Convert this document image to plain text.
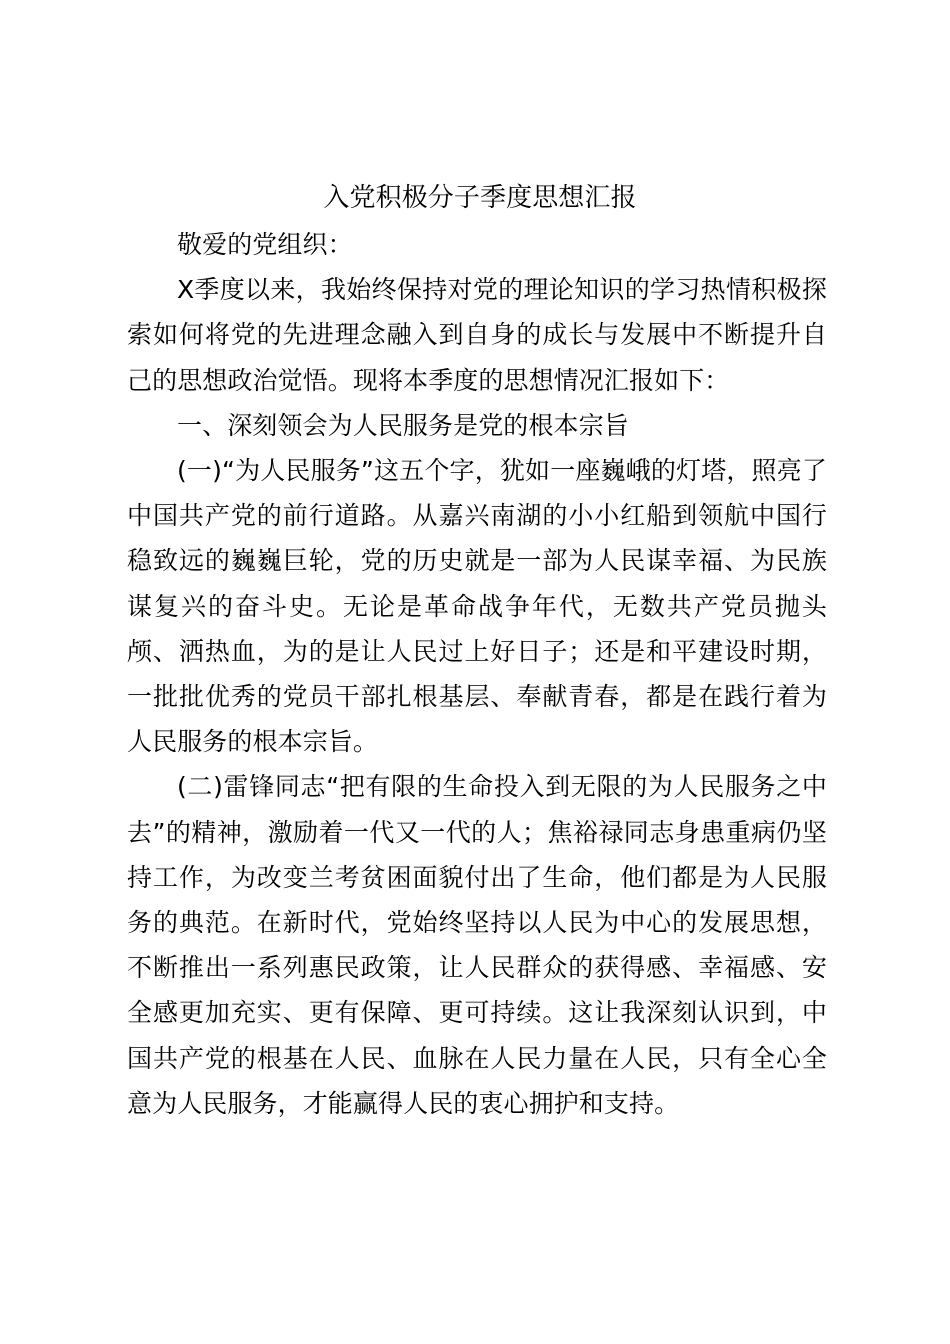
入党积极分子季度思想汇报

敬爱的党组织：

X季度以来，我始终保持对党的理论知识的学习热情积极探索如何将党的先进理念融入到自身的成长与发展中不断提升自己的思想政治觉悟。现将本季度的思想情况汇报如下：

一、深刻领会为人民服务是党的根本宗旨

(一)“为人民服务”这五个字，犹如一座巍峨的灯塔，照亮了中国共产党的前行道路。从嘉兴南湖的小小红船到领航中国行稳致远的巍巍巨轮，党的历史就是一部为人民谋幸福、为民族谋复兴的奋斗史。无论是革命战争年代，无数共产党员抛头颅、洒热血，为的是让人民过上好日子；还是和平建设时期，一批批优秀的党员干部扎根基层、奉献青春，都是在践行着为人民服务的根本宗旨。

(二)雷锋同志“把有限的生命投入到无限的为人民服务之中去”的精神，激励着一代又一代的人；焦裕禄同志身患重病仍坚持工作，为改变兰考贫困面貌付出了生命，他们都是为人民服务的典范。在新时代，党始终坚持以人民为中心的发展思想，不断推出一系列惠民政策，让人民群众的获得感、幸福感、安全感更加充实、更有保障、更可持续。这让我深刻认识到，中国共产党的根基在人民、血脉在人民力量在人民，只有全心全意为人民服务，才能赢得人民的衷心拥护和支持。
